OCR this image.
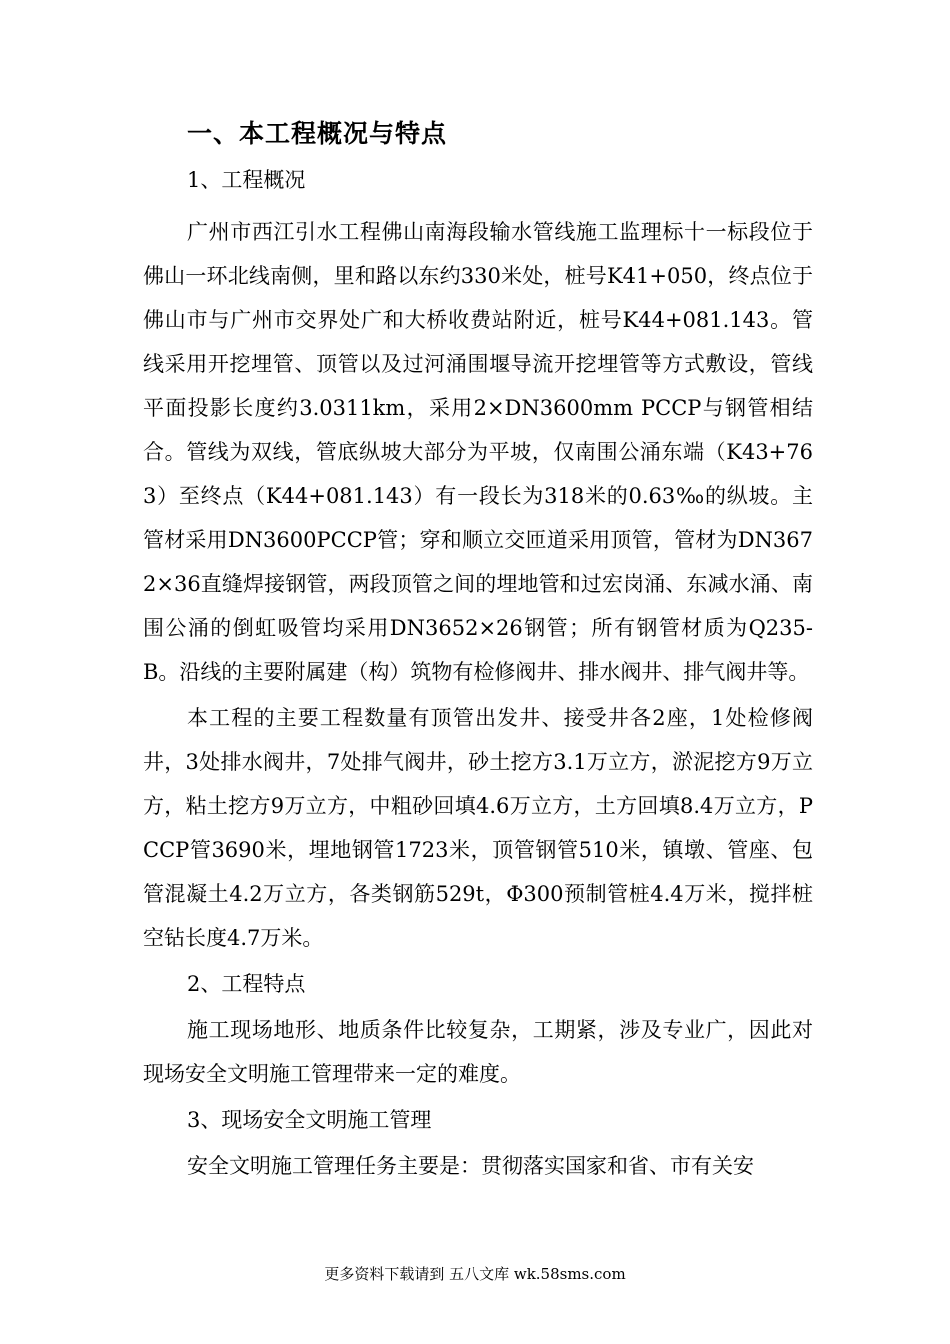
一、本工程概况与特点

1、工程概况

广州市西江引水工程佛山南海段输水管线施工监理标十一标段位于佛山一环北线南侧，里和路以东约330米处，桩号K41+050，终点位于佛山市与广州市交界处广和大桥收费站附近，桩号K44+081.143。管线采用开挖埋管、顶管以及过河涌围堰导流开挖埋管等方式敷设，管线平面投影长度约3.0311km，采用2×DN3600mm PCCP与钢管相结合。管线为双线，管底纵坡大部分为平坡，仅南围公涌东端（K43+763）至终点（K44+081.143）有一段长为318米的0.63‰的纵坡。主管材采用DN3600PCCP管；穿和顺立交匝道采用顶管，管材为DN3672×36直缝焊接钢管，两段顶管之间的埋地管和过宏岗涌、东减水涌、南围公涌的倒虹吸管均采用DN3652×26钢管；所有钢管材质为Q235-B。沿线的主要附属建（构）筑物有检修阀井、排水阀井、排气阀井等。

本工程的主要工程数量有顶管出发井、接受井各2座，1处检修阀井，3处排水阀井，7处排气阀井，砂土挖方3.1万立方，淤泥挖方9万立方，粘土挖方9万立方，中粗砂回填4.6万立方，土方回填8.4万立方，PCCP管3690米，埋地钢管1723米，顶管钢管510米，镇墩、管座、包管混凝土4.2万立方，各类钢筋529t，Φ300预制管桩4.4万米，搅拌桩空钻长度4.7万米。

2、工程特点

施工现场地形、地质条件比较复杂，工期紧，涉及专业广，因此对现场安全文明施工管理带来一定的难度。

3、现场安全文明施工管理

安全文明施工管理任务主要是：贯彻落实国家和省、市有关安

更多资料下载请到 五八文库 wk.58sms.com
